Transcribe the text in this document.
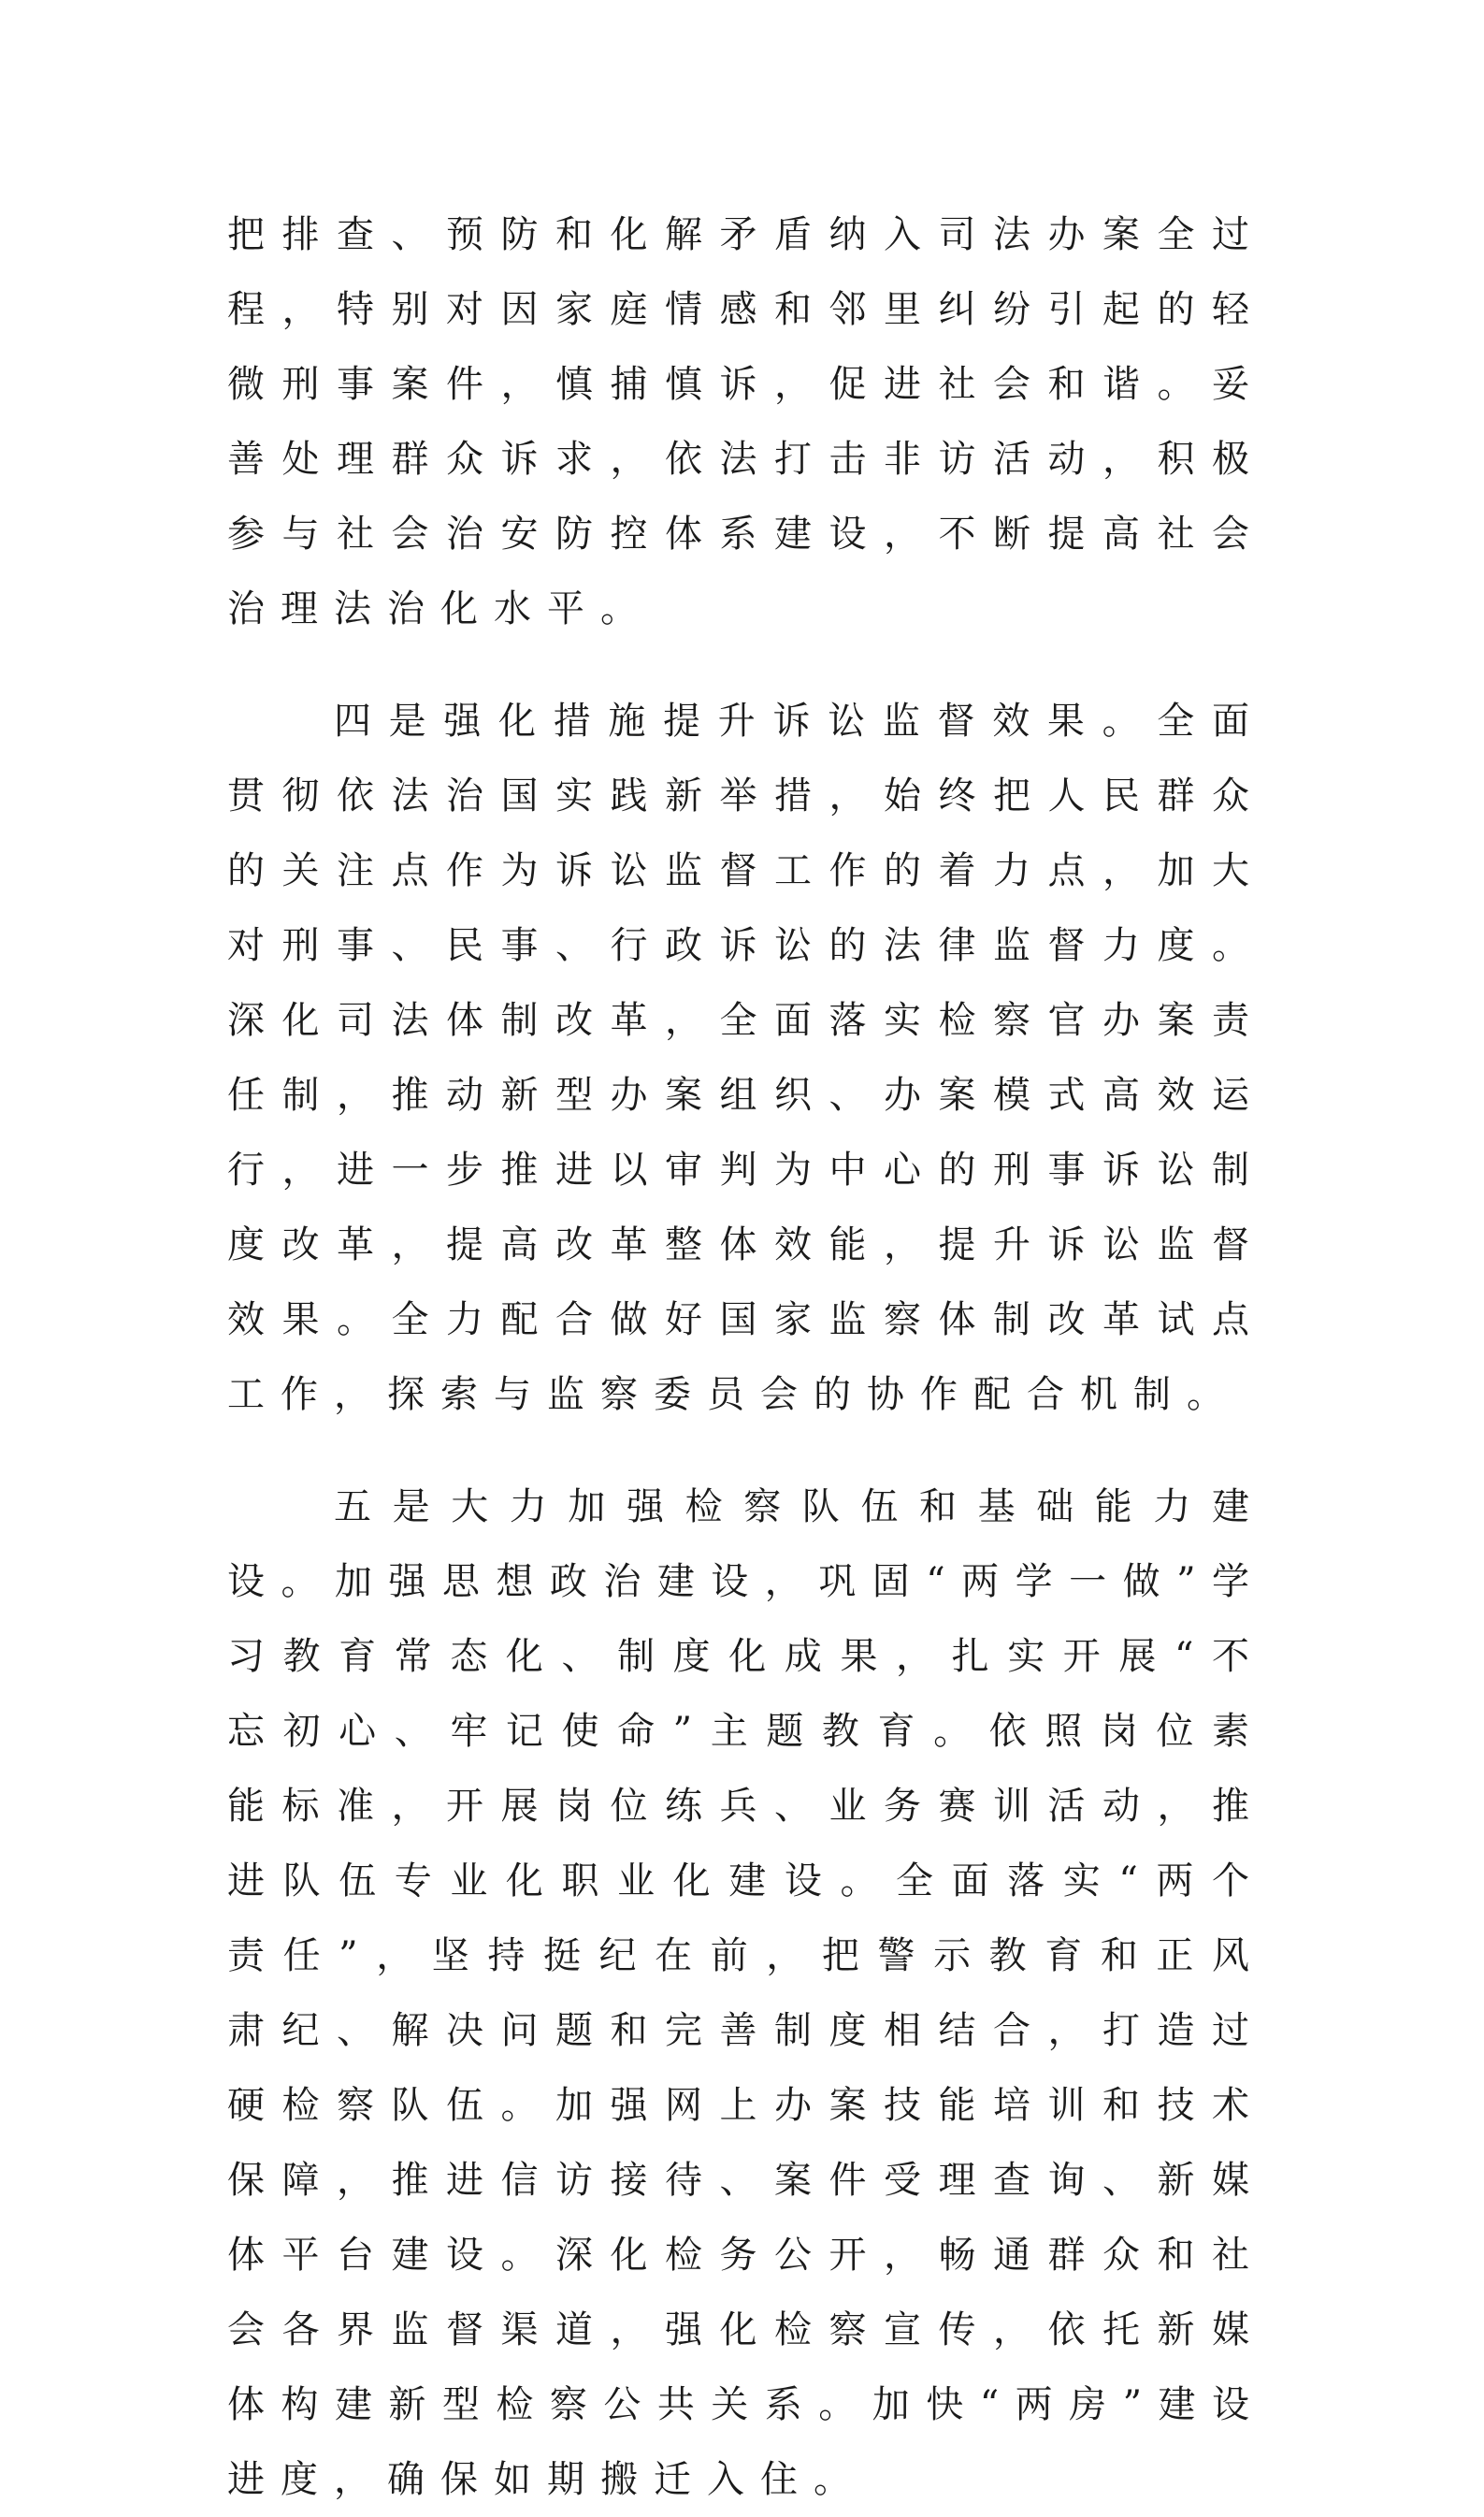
把排查、预防和化解矛盾纳入司法办案全过程，特别对因家庭情感和邻里纠纷引起的轻微刑事案件，慎捕慎诉，促进社会和谐。妥善处理群众诉求，依法打击非访活动，积极参与社会治安防控体系建设，不断提高社会治理法治化水平。

四是强化措施提升诉讼监督效果。全面贯彻依法治国实践新举措，始终把人民群众的关注点作为诉讼监督工作的着力点，加大对刑事、民事、行政诉讼的法律监督力度。深化司法体制改革，全面落实检察官办案责任制，推动新型办案组织、办案模式高效运行，进一步推进以审判为中心的刑事诉讼制度改革，提高改革整体效能，提升诉讼监督效果。全力配合做好国家监察体制改革试点工作，探索与监察委员会的协作配合机制。

五是大力加强检察队伍和基础能力建设。加强思想政治建设，巩固“两学一做”学习教育常态化、制度化成果，扎实开展“不忘初心、牢记使命”主题教育。依照岗位素能标准，开展岗位练兵、业务赛训活动，推进队伍专业化职业化建设。全面落实“两个责任”，坚持挺纪在前，把警示教育和正风肃纪、解决问题和完善制度相结合，打造过硬检察队伍。加强网上办案技能培训和技术保障，推进信访接待、案件受理查询、新媒体平台建设。深化检务公开，畅通群众和社会各界监督渠道，强化检察宣传，依托新媒体构建新型检察公共关系。加快“两房”建设进度，确保如期搬迁入住。
